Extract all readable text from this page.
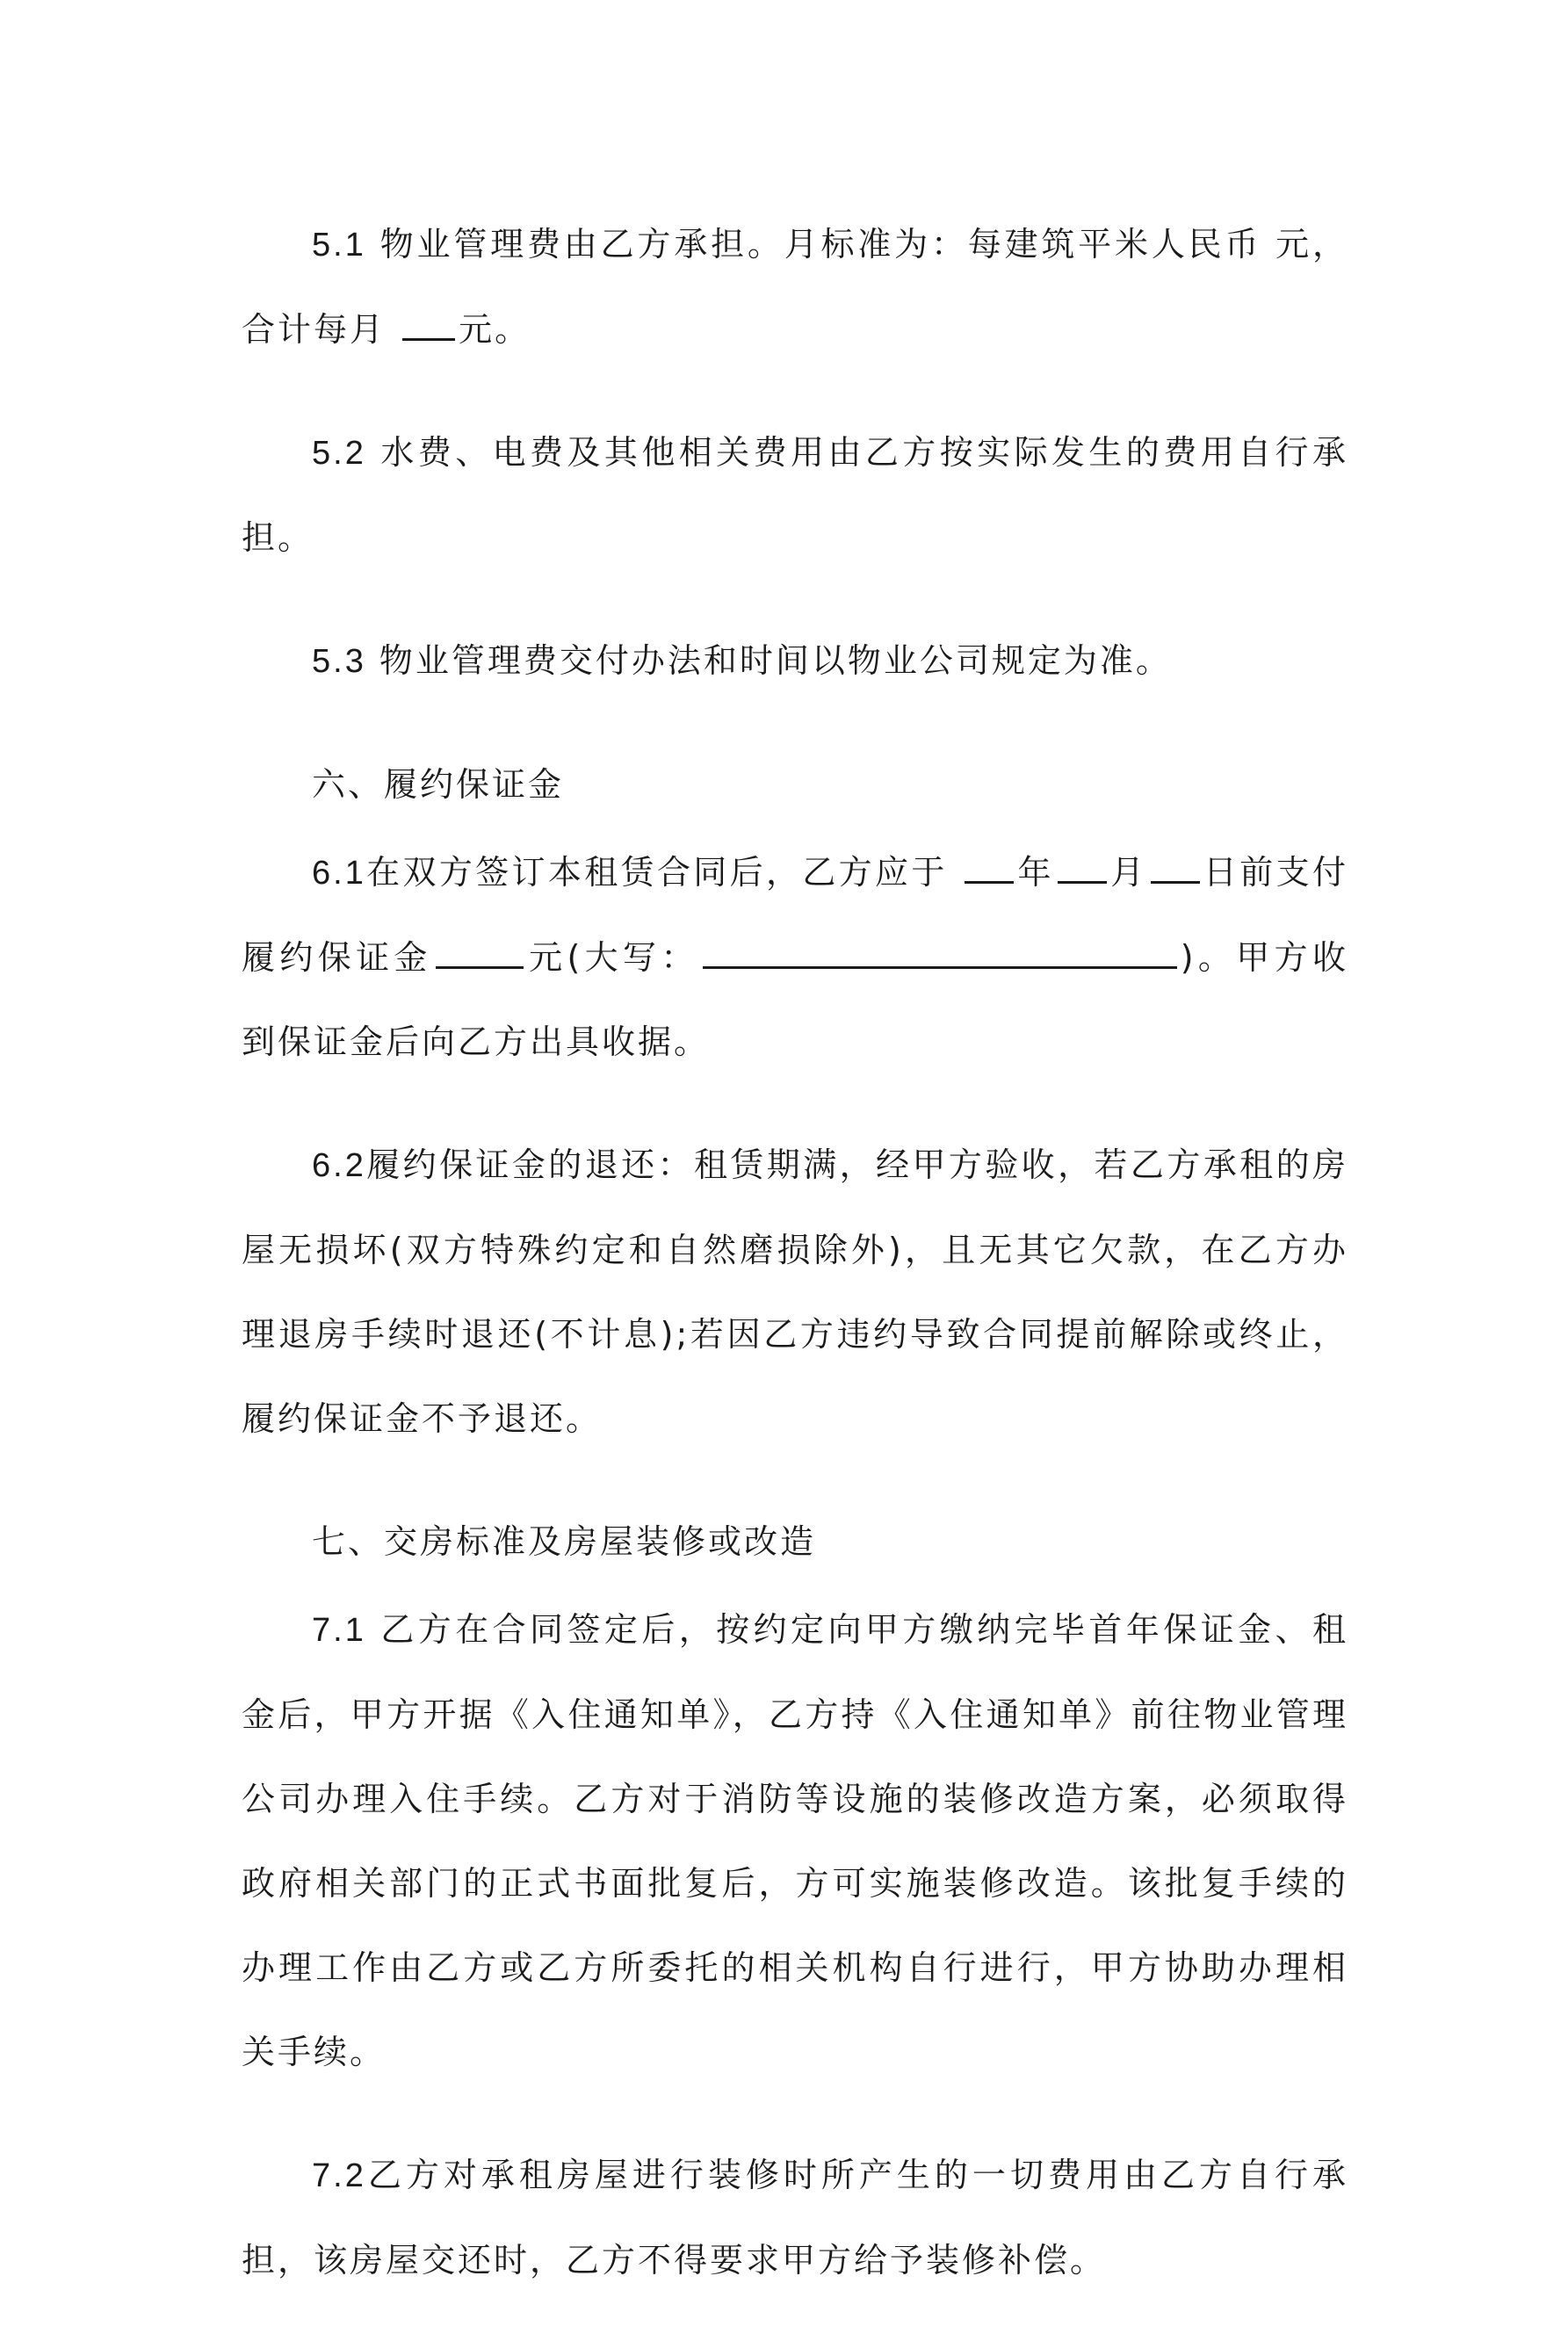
5.1 物业管理费由乙方承担。月标准为：每建筑平米人民币 元，合计每月 元。

5.2 水费、电费及其他相关费用由乙方按实际发生的费用自行承担。

5.3 物业管理费交付办法和时间以物业公司规定为准。

六、履约保证金

6.1在双方签订本租赁合同后，乙方应于 年 月 日前支付履约保证金	元(大写：	)。甲方收到保证金后向乙方出具收据。

6.2履约保证金的退还：租赁期满，经甲方验收，若乙方承租的房屋无损坏(双方特殊约定和自然磨损除外)，且无其它欠款，在乙方办理退房手续时退还(不计息);若因乙方违约导致合同提前解除或终止，履约保证金不予退还。

七、交房标准及房屋装修或改造

7.1 乙方在合同签定后，按约定向甲方缴纳完毕首年保证金、租金后，甲方开据《入住通知单》，乙方持《入住通知单》前往物业管理公司办理入住手续。乙方对于消防等设施的装修改造方案，必须取得政府相关部门的正式书面批复后，方可实施装修改造。该批复手续的办理工作由乙方或乙方所委托的相关机构自行进行，甲方协助办理相关手续。

7.2乙方对承租房屋进行装修时所产生的一切费用由乙方自行承担，该房屋交还时，乙方不得要求甲方给予装修补偿。
